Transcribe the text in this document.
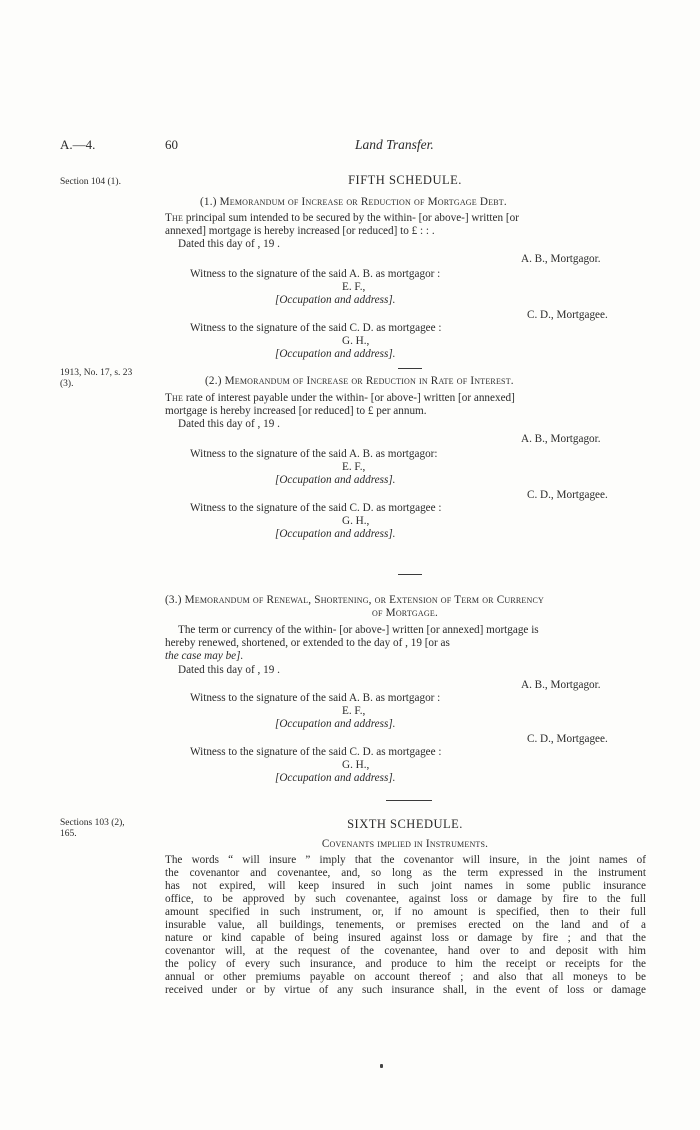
A.—4.	60	Land Transfer.
Section 104 (1).
1913, No. 17, s. 23
(3).
Sections 103 (2),
165.
FIFTH SCHEDULE.
(1.) Memorandum of Increase or Reduction of Mortgage Debt.
The principal sum intended to be secured by the within- [or above-] written [or
annexed] mortgage is hereby increased [or reduced] to £ : : .
Dated this day of , 19 .
A. B., Mortgagor.
Witness to the signature of the said A. B. as mortgagor :
E. F.,
[Occupation and address].
C. D., Mortgagee.
Witness to the signature of the said C. D. as mortgagee :
G. H.,
[Occupation and address].
(2.) Memorandum of Increase or Reduction in Rate of Interest.
The rate of interest payable under the within- [or above-] written [or annexed]
mortgage is hereby increased [or reduced] to £ per annum.
Dated this day of , 19 .
A. B., Mortgagor.
Witness to the signature of the said A. B. as mortgagor:
E. F.,
[Occupation and address].
C. D., Mortgagee.
Witness to the signature of the said C. D. as mortgagee :
G. H.,
[Occupation and address].
(3.) Memorandum of Renewal, Shortening, or Extension of Term or Currency
of Mortgage.
The term or currency of the within- [or above-] written [or annexed] mortgage is
hereby renewed, shortened, or extended to the day of , 19 [or as
the case may be].
Dated this day of , 19 .
A. B., Mortgagor.
Witness to the signature of the said A. B. as mortgagor :
E. F.,
[Occupation and address].
C. D., Mortgagee.
Witness to the signature of the said C. D. as mortgagee :
G. H.,
[Occupation and address].
SIXTH SCHEDULE.
Covenants implied in Instruments.
The words “ will insure ” imply that the covenantor will insure, in the joint names of
the covenantor and covenantee, and, so long as the term expressed in the instrument
has not expired, will keep insured in such joint names in some public insurance
office, to be approved by such covenantee, against loss or damage by fire to the full
amount specified in such instrument, or, if no amount is specified, then to their full
insurable value, all buildings, tenements, or premises erected on the land and of a
nature or kind capable of being insured against loss or damage by fire ; and that the
covenantor will, at the request of the covenantee, hand over to and deposit with him
the policy of every such insurance, and produce to him the receipt or receipts for the
annual or other premiums payable on account thereof ; and also that all moneys to be
received under or by virtue of any such insurance shall, in the event of loss or damage
